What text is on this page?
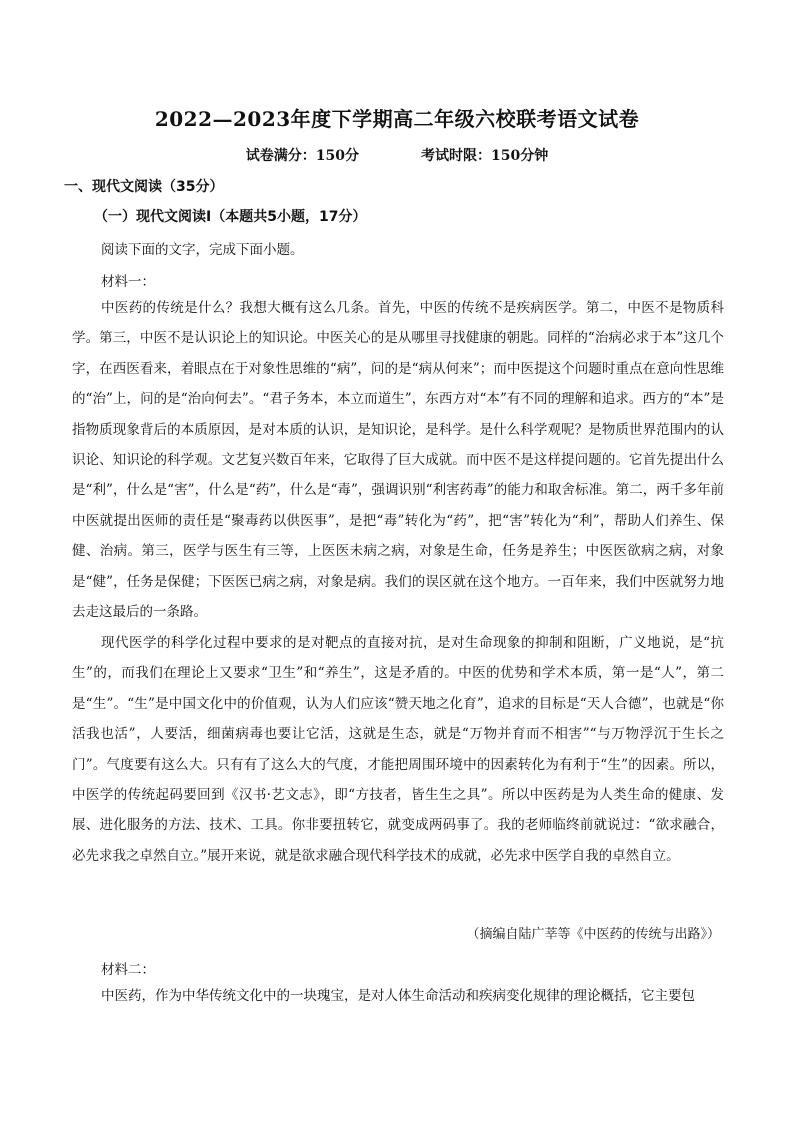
2022—2023年度下学期高二年级六校联考语文试卷
试卷满分：150分	考试时限：150分钟
一、现代文阅读（35分）
（一）现代文阅读Ⅰ（本题共5小题，17分）
阅读下面的文字，完成下面小题。
材料一：

中医药的传统是什么？我想大概有这么几条。首先，中医的传统不是疾病医学。第二，中医不是物质科学。第三，中医不是认识论上的知识论。中医关心的是从哪里寻找健康的朝匙。同样的“治病必求于本”这几个字，在西医看来，着眼点在于对象性思维的“病”，问的是“病从何来”；而中医提这个问题时重点在意向性思维的“治”上，问的是“治向何去”。“君子务本，本立而道生”，东西方对“本”有不同的理解和追求。西方的“本”是指物质现象背后的本质原因，是对本质的认识，是知识论，是科学。是什么科学观呢？是物质世界范围内的认识论、知识论的科学观。文艺复兴数百年来，它取得了巨大成就。而中医不是这样提问题的。它首先提出什么是“利”，什么是“害”，什么是“药”，什么是“毒”，强调识别“利害药毒”的能力和取舍标准。第二，两千多年前中医就提出医师的责任是“聚毒药以供医事”，是把“毒”转化为“药”，把“害”转化为“利”，帮助人们养生、保健、治病。第三，医学与医生有三等，上医医未病之病，对象是生命，任务是养生；中医医欲病之病，对象是“健”，任务是保健；下医医已病之病，对象是病。我们的误区就在这个地方。一百年来，我们中医就努力地去走这最后的一条路。

现代医学的科学化过程中要求的是对靶点的直接对抗，是对生命现象的抑制和阻断，广义地说，是“抗生”的，而我们在理论上又要求“卫生”和“养生”，这是矛盾的。中医的优势和学术本质，第一是“人”，第二是“生”。“生”是中国文化中的价值观，认为人们应该“赞天地之化育”，追求的目标是“天人合德”，也就是“你活我也活”，人要活，细菌病毒也要让它活，这就是生态，就是“万物并育而不相害”“与万物浮沉于生长之门”。气度要有这么大。只有有了这么大的气度，才能把周围环境中的因素转化为有利于“生”的因素。所以，中医学的传统起码要回到《汉书·艺文志》，即“方技者，皆生生之具”。所以中医药是为人类生命的健康、发展、进化服务的方法、技术、工具。你非要扭转它，就变成两码事了。我的老师临终前就说过：“欲求融合，必先求我之卓然自立。”展开来说，就是欲求融合现代科学技术的成就，必先求中医学自我的卓然自立。

（摘编自陆广莘等《中医药的传统与出路》）
材料二：

中医药，作为中华传统文化中的一块瑰宝，是对人体生命活动和疾病变化规律的理论概括，它主要包
